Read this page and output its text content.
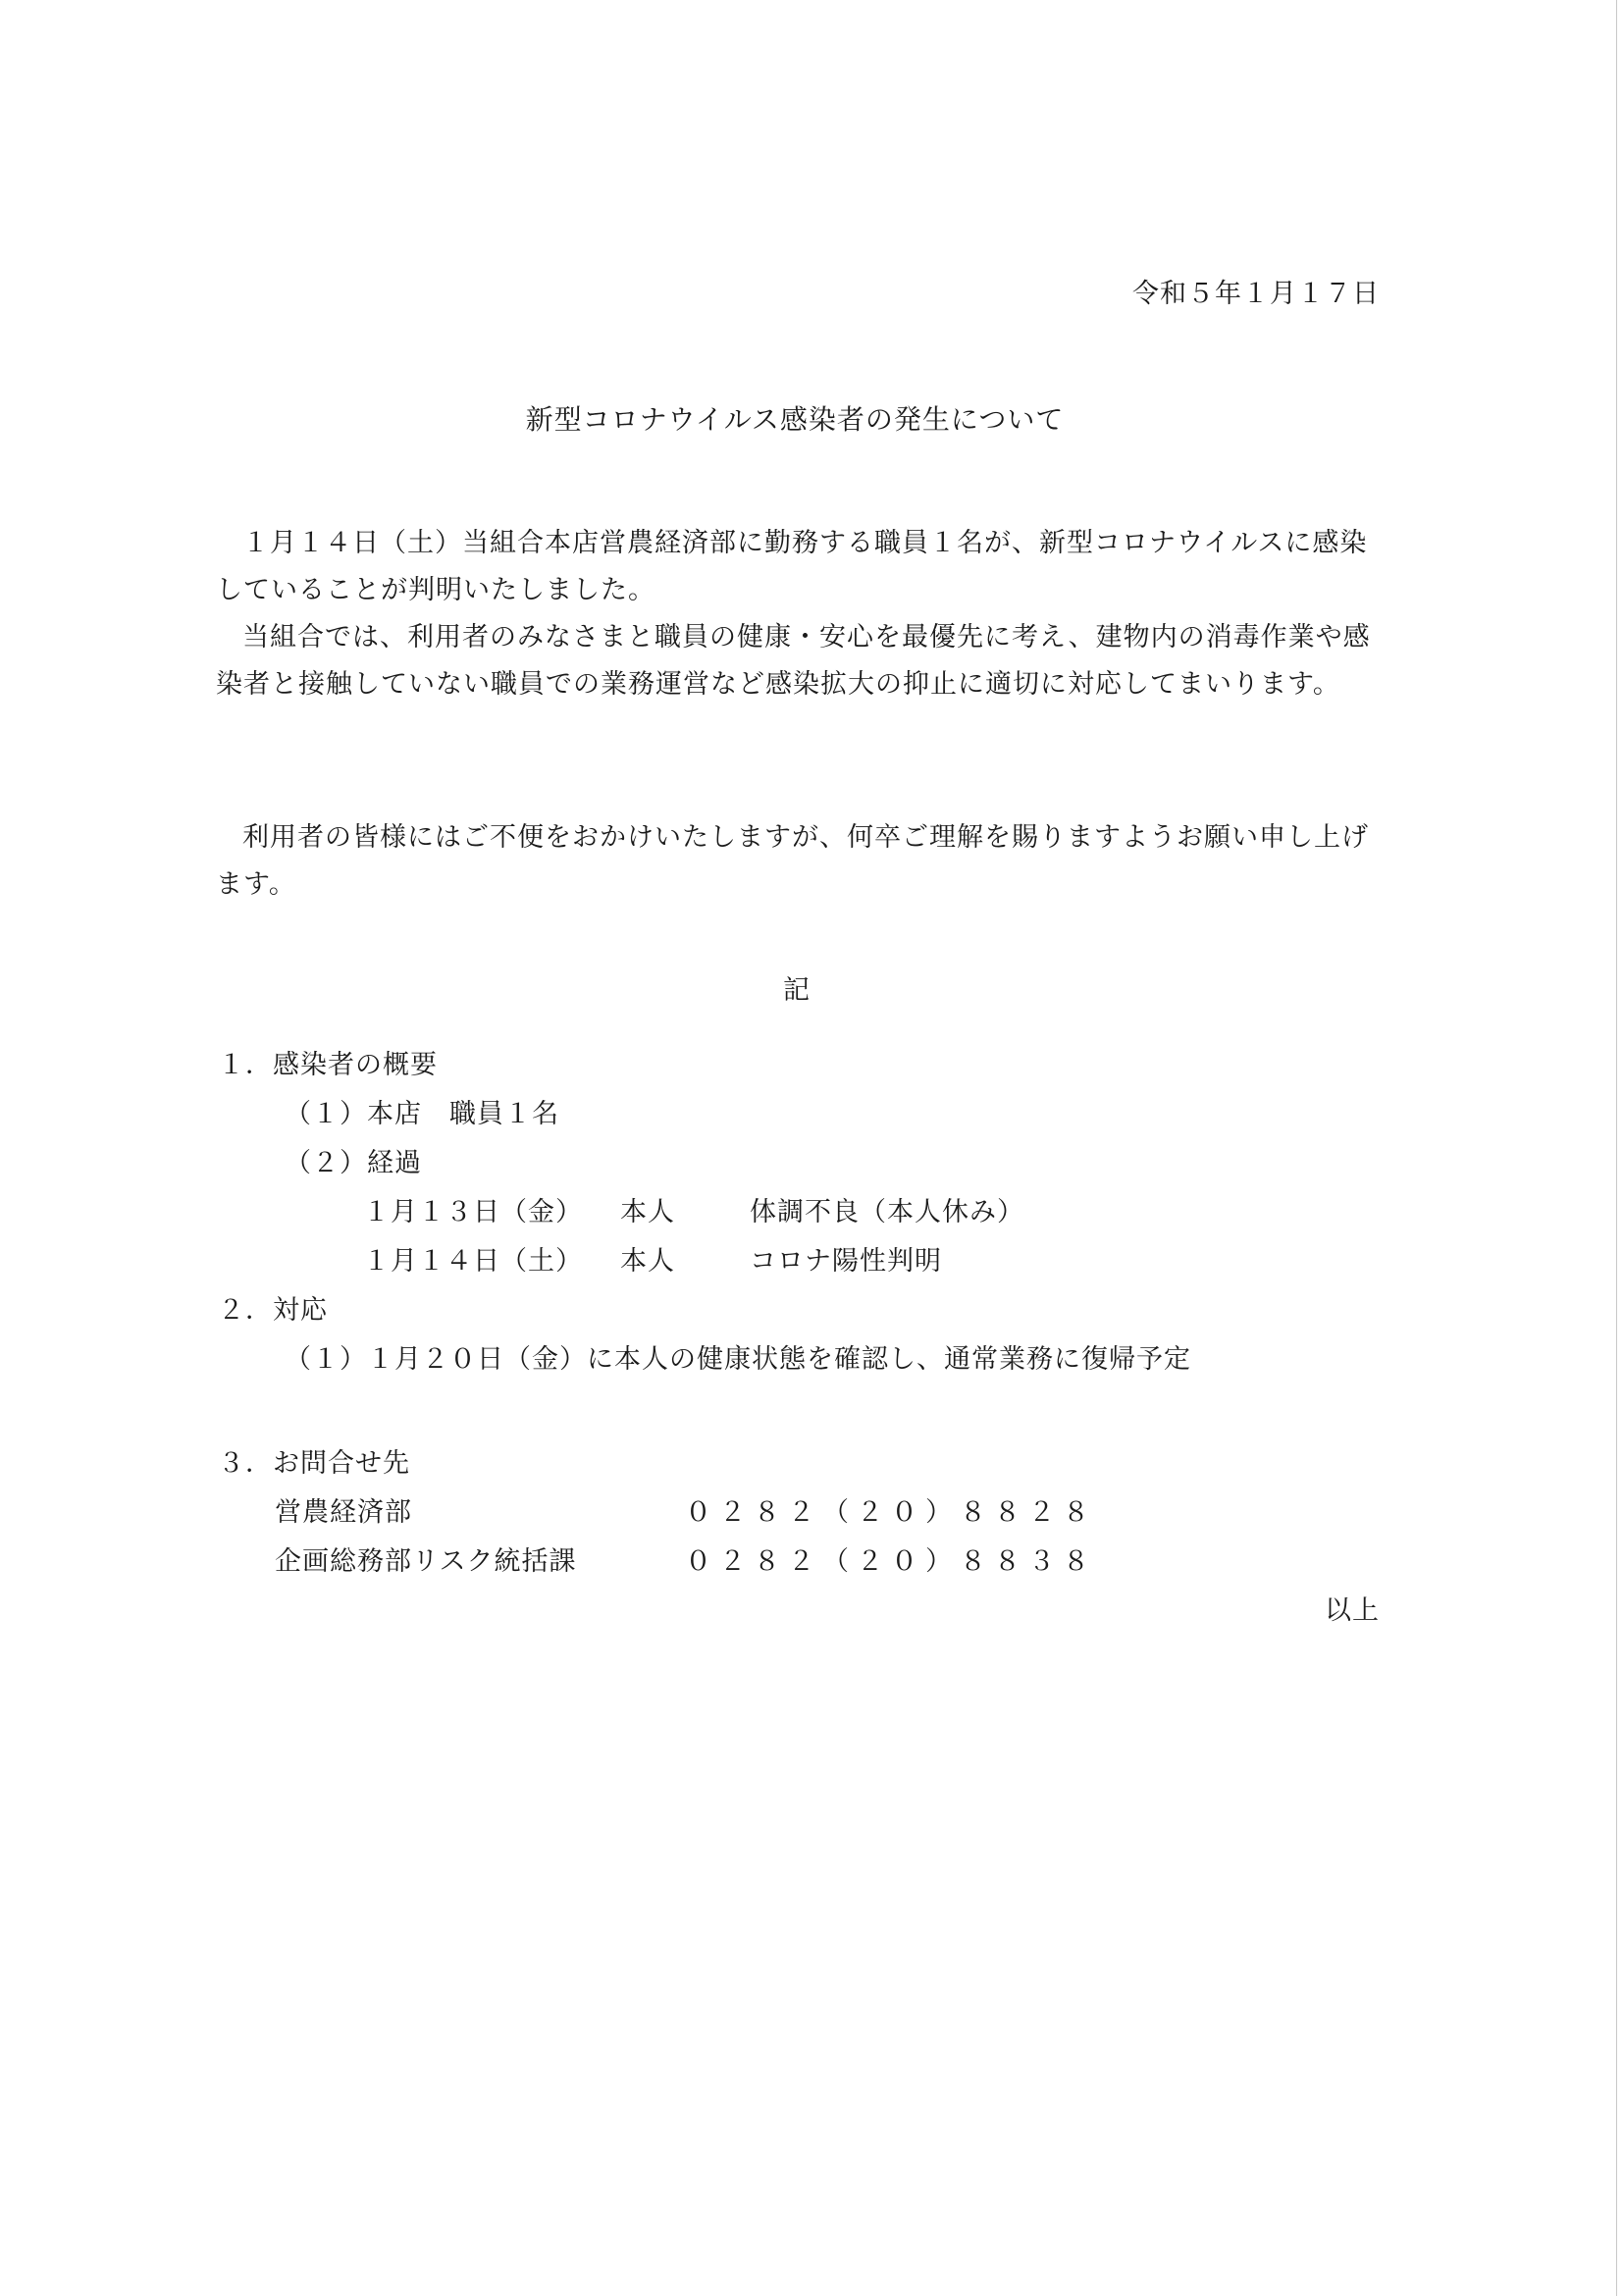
令和５年１月１７日
新型コロナウイルス感染者の発生について

１月１４日（土）当組合本店営農経済部に勤務する職員１名が、新型コロナウイルスに感染していることが判明いたしました。

当組合では、利用者のみなさまと職員の健康・安心を最優先に考え、建物内の消毒作業や感染者と接触していない職員での業務運営など感染拡大の抑止に適切に対応してまいります。

利用者の皆様にはご不便をおかけいたしますが、何卒ご理解を賜りますようお願い申し上げます。

記
１．感染者の概要
（１）本店　職員１名
（２）経過
１月１３日（金） 本人	体調不良（本人休み）
１月１４日（土） 本人	コロナ陽性判明
２．対応
（１）１月２０日（金）に本人の健康状態を確認し、通常業務に復帰予定
３．お問合せ先
営農経済部	０２８２（２０）８８２８
企画総務部リスク統括課	０２８２（２０）８８３８
以上
